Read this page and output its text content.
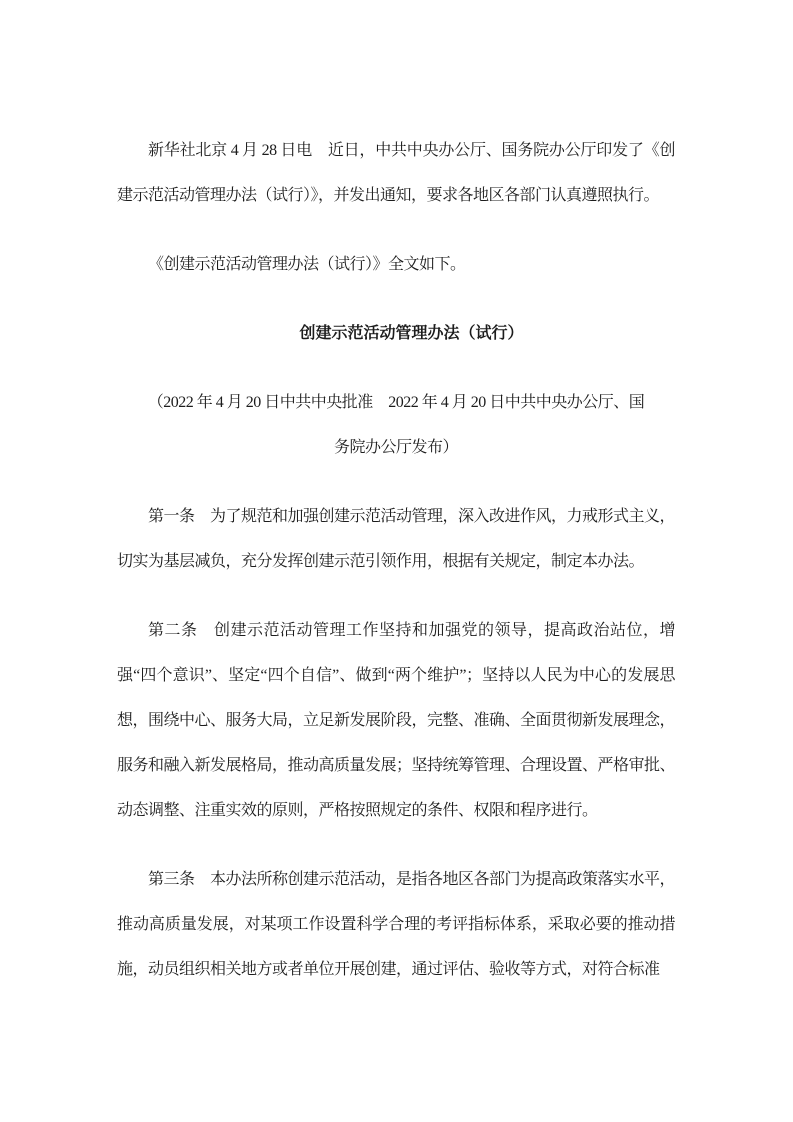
新华社北京 4 月 28 日电　近日，中共中央办公厅、国务院办公厅印发了《创建示范活动管理办法（试行）》，并发出通知，要求各地区各部门认真遵照执行。

《创建示范活动管理办法（试行）》全文如下。

创建示范活动管理办法（试行）
（2022 年 4 月 20 日中共中央批准　2022 年 4 月 20 日中共中央办公厅、国
务院办公厅发布）

第一条　为了规范和加强创建示范活动管理，深入改进作风，力戒形式主义，切实为基层减负，充分发挥创建示范引领作用，根据有关规定，制定本办法。

第二条　创建示范活动管理工作坚持和加强党的领导，提高政治站位，增强“四个意识”、坚定“四个自信”、做到“两个维护”；坚持以人民为中心的发展思想，围绕中心、服务大局，立足新发展阶段，完整、准确、全面贯彻新发展理念，服务和融入新发展格局，推动高质量发展；坚持统筹管理、合理设置、严格审批、动态调整、注重实效的原则，严格按照规定的条件、权限和程序进行。

第三条　本办法所称创建示范活动，是指各地区各部门为提高政策落实水平，推动高质量发展，对某项工作设置科学合理的考评指标体系，采取必要的推动措施，动员组织相关地方或者单位开展创建，通过评估、验收等方式，对符合标准
